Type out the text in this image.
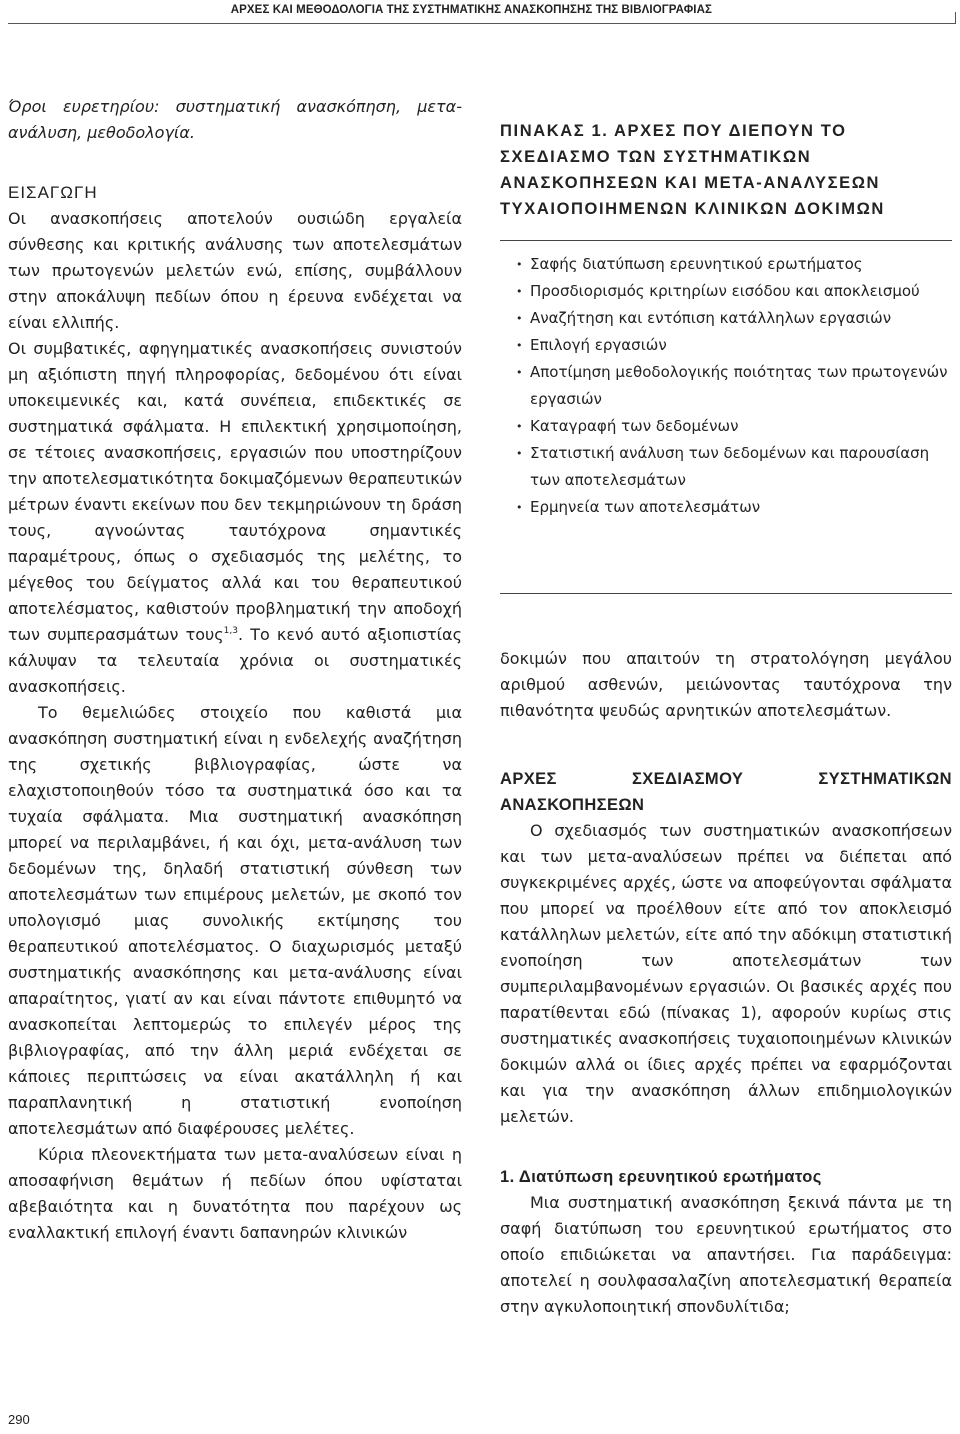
ΑΡΧΕΣ ΚΑΙ ΜΕΘΟΔΟΛΟΓΙΑ ΤΗΣ ΣΥΣΤΗΜΑΤΙΚΗΣ ΑΝΑΣΚΟΠΗΣΗΣ ΤΗΣ ΒΙΒΛΙΟΓΡΑΦΙΑΣ

Όροι ευρετηρίου: συστηματική ανασκόπηση, μετα-ανάλυση, μεθοδολογία.

ΕΙΣΑΓΩΓΗ

Οι ανασκοπήσεις αποτελούν ουσιώδη εργαλεία σύνθεσης και κριτικής ανάλυσης των αποτελεσμάτων των πρωτογενών μελετών ενώ, επίσης, συμβάλλουν στην αποκάλυψη πεδίων όπου η έρευνα ενδέχεται να είναι ελλιπής.

Οι συμβατικές, αφηγηματικές ανασκοπήσεις συνιστούν μη αξιόπιστη πηγή πληροφορίας, δεδομένου ότι είναι υποκειμενικές και, κατά συνέπεια, επιδεκτικές σε συστηματικά σφάλματα. Η επιλεκτική χρησιμοποίηση, σε τέτοιες ανασκοπήσεις, εργασιών που υποστηρίζουν την αποτελεσματικότητα δοκιμαζόμενων θεραπευτικών μέτρων έναντι εκείνων που δεν τεκμηριώνουν τη δράση τους, αγνοώντας ταυτόχρονα σημαντικές παραμέτρους, όπως ο σχεδιασμός της μελέτης, το μέγεθος του δείγματος αλλά και του θεραπευτικού αποτελέσματος, καθιστούν προβληματική την αποδοχή των συμπερασμάτων τους$^{1,3}$. Το κενό αυτό αξιοπιστίας κάλυψαν τα τελευταία χρόνια οι συστηματικές ανασκοπήσεις.

Το θεμελιώδες στοιχείο που καθιστά μια ανασκόπηση συστηματική είναι η ενδελεχής αναζήτηση της σχετικής βιβλιογραφίας, ώστε να ελαχιστοποιηθούν τόσο τα συστηματικά όσο και τα τυχαία σφάλματα. Μια συστηματική ανασκόπηση μπορεί να περιλαμβάνει, ή και όχι, μετα-ανάλυση των δεδομένων της, δηλαδή στατιστική σύνθεση των αποτελεσμάτων των επιμέρους μελετών, με σκοπό τον υπολογισμό μιας συνολικής εκτίμησης του θεραπευτικού αποτελέσματος. Ο διαχωρισμός μεταξύ συστηματικής ανασκόπησης και μετα-ανάλυσης είναι απαραίτητος, γιατί αν και είναι πάντοτε επιθυμητό να ανασκοπείται λεπτομερώς το επιλεγέν μέρος της βιβλιογραφίας, από την άλλη μεριά ενδέχεται σε κάποιες περιπτώσεις να είναι ακατάλληλη ή και παραπλανητική η στατιστική ενοποίηση αποτελεσμάτων από διαφέρουσες μελέτες.

Κύρια πλεονεκτήματα των μετα-αναλύσεων είναι η αποσαφήνιση θεμάτων ή πεδίων όπου υφίσταται αβεβαιότητα και η δυνατότητα που παρέχουν ως εναλλακτική επιλογή έναντι δαπανηρών κλινικών

ΠΙΝΑΚΑΣ 1. ΑΡΧΕΣ ΠΟΥ ΔΙΕΠΟΥΝ ΤΟ ΣΧΕΔΙΑΣΜΟ ΤΩΝ ΣΥΣΤΗΜΑΤΙΚΩΝ ΑΝΑΣΚΟΠΗΣΕΩΝ ΚΑΙ ΜΕΤΑ-ΑΝΑΛΥΣΕΩΝ ΤΥΧΑΙΟΠΟΙΗΜΕΝΩΝ ΚΛΙΝΙΚΩΝ ΔΟΚΙΜΩΝ
• Σαφής διατύπωση ερευνητικού ερωτήματος
• Προσδιορισμός κριτηρίων εισόδου και αποκλεισμού
• Αναζήτηση και εντόπιση κατάλληλων εργασιών
• Επιλογή εργασιών
• Αποτίμηση μεθοδολογικής ποιότητας των πρωτογενών εργασιών
• Καταγραφή των δεδομένων
• Στατιστική ανάλυση των δεδομένων και παρουσίαση των αποτελεσμάτων
• Ερμηνεία των αποτελεσμάτων

δοκιμών που απαιτούν τη στρατολόγηση μεγάλου αριθμού ασθενών, μειώνοντας ταυτόχρονα την πιθανότητα ψευδώς αρνητικών αποτελεσμάτων.

ΑΡΧΕΣ ΣΧΕΔΙΑΣΜΟΥ ΣΥΣΤΗΜΑΤΙΚΩΝ ΑΝΑΣΚΟΠΗΣΕΩΝ

Ο σχεδιασμός των συστηματικών ανασκοπήσεων και των μετα-αναλύσεων πρέπει να διέπεται από συγκεκριμένες αρχές, ώστε να αποφεύγονται σφάλματα που μπορεί να προέλθουν είτε από τον αποκλεισμό κατάλληλων μελετών, είτε από την αδόκιμη στατιστική ενοποίηση των αποτελεσμάτων των συμπεριλαμβανομένων εργασιών. Οι βασικές αρχές που παρατίθενται εδώ (πίνακας 1), αφορούν κυρίως στις συστηματικές ανασκοπήσεις τυχαιοποιημένων κλινικών δοκιμών αλλά οι ίδιες αρχές πρέπει να εφαρμόζονται και για την ανασκόπηση άλλων επιδημιολογικών μελετών.

1. Διατύπωση ερευνητικού ερωτήματος

Μια συστηματική ανασκόπηση ξεκινά πάντα με τη σαφή διατύπωση του ερευνητικού ερωτήματος στο οποίο επιδιώκεται να απαντήσει. Για παράδειγμα: αποτελεί η σουλφασαλαζίνη αποτελεσματική θεραπεία στην αγκυλοποιητική σπονδυλίτιδα;

290
